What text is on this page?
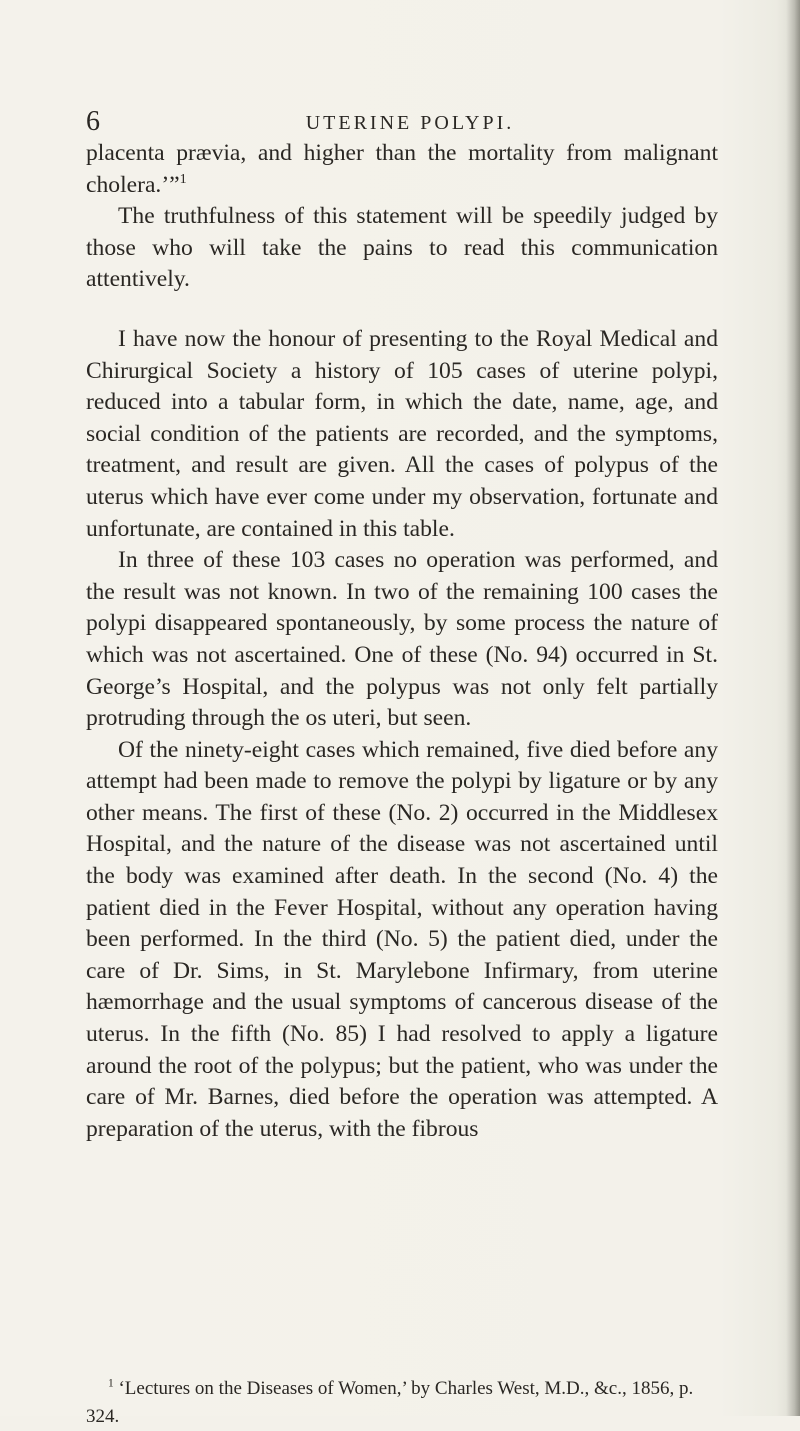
6	UTERINE POLYPI.

placenta prævia, and higher than the mortality from malignant cholera.’”$^1$

The truthfulness of this statement will be speedily judged by those who will take the pains to read this communication attentively.

I have now the honour of presenting to the Royal Medical and Chirurgical Society a history of 105 cases of uterine polypi, reduced into a tabular form, in which the date, name, age, and social condition of the patients are recorded, and the symptoms, treatment, and result are given. All the cases of polypus of the uterus which have ever come under my observation, fortunate and unfortunate, are contained in this table.

In three of these 103 cases no operation was performed, and the result was not known. In two of the remaining 100 cases the polypi disappeared spontaneously, by some process the nature of which was not ascertained. One of these (No. 94) occurred in St. George’s Hospital, and the polypus was not only felt partially protruding through the os uteri, but seen.

Of the ninety-eight cases which remained, five died before any attempt had been made to remove the polypi by ligature or by any other means. The first of these (No. 2) occurred in the Middlesex Hospital, and the nature of the disease was not ascertained until the body was examined after death. In the second (No. 4) the patient died in the Fever Hospital, without any operation having been performed. In the third (No. 5) the patient died, under the care of Dr. Sims, in St. Marylebone Infirmary, from uterine hæmorrhage and the usual symptoms of cancerous disease of the uterus. In the fifth (No. 85) I had resolved to apply a ligature around the root of the polypus; but the patient, who was under the care of Mr. Barnes, died before the operation was attempted. A preparation of the uterus, with the fibrous

$^1$ ‘Lectures on the Diseases of Women,’ by Charles West, M.D., &c., 1856, p. 324.
